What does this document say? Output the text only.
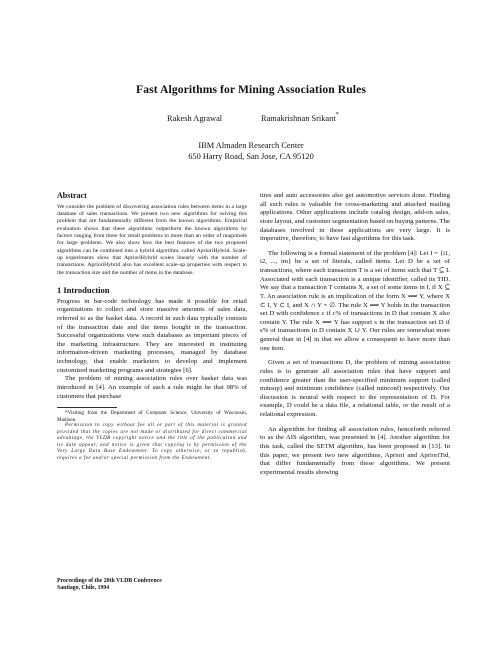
Fast Algorithms for Mining Association Rules
Rakesh Agrawal	Ramakrishnan Srikant*
IBM Almaden Research Center
650 Harry Road, San Jose, CA 95120
Abstract

We consider the problem of discovering association rules between items in a large database of sales transactions. We present two new algorithms for solving this problem that are fundamentally different from the known algorithms. Empirical evaluation shows that these algorithms outperform the known algorithms by factors ranging from three for small problems to more than an order of magnitude for large problems. We also show how the best features of the two proposed algorithms can be combined into a hybrid algorithm, called AprioriHybrid. Scale-up experiments show that AprioriHybrid scales linearly with the number of transactions. AprioriHybrid also has excellent scale-up properties with respect to the transaction size and the number of items in the database.

1 Introduction

Progress in bar-code technology has made it possible for retail organizations to collect and store massive amounts of sales data, referred to as the basket data. A record in such data typically consists of the transaction date and the items bought in the transaction. Successful organizations view such databases as important pieces of the marketing infrastructure. They are interested in instituting information-driven marketing processes, managed by database technology, that enable marketers to develop and implement customized marketing programs and strategies [6].

The problem of mining association rules over basket data was introduced in [4]. An example of such a rule might be that 98% of customers that purchase

*Visiting from the Department of Computer Science, University of Wisconsin, Madison.

Permission to copy without fee all or part of this material is granted provided that the copies are not made or distributed for direct commercial advantage, the VLDB copyright notice and the title of the publication and its date appear, and notice is given that copying is by permission of the Very Large Data Base Endowment. To copy otherwise, or to republish, requires a fee and/or special permission from the Endowment.

Proceedings of the 20th VLDB Conference
Santiago, Chile, 1994

tires and auto accessories also get automotive services done. Finding all such rules is valuable for cross-marketing and attached mailing applications. Other applications include catalog design, add-on sales, store layout, and customer segmentation based on buying patterns. The databases involved in these applications are very large. It is imperative, therefore, to have fast algorithms for this task.

The following is a formal statement of the problem [4]: Let I = {i1, i2, ..., im} be a set of literals, called items. Let D be a set of transactions, where each transaction T is a set of items such that T ⊆ I. Associated with each transaction is a unique identifier, called its TID. We say that a transaction T contains X, a set of some items in I, if X ⊆ T. An association rule is an implication of the form X ⟹ Y, where X ⊂ I, Y ⊂ I, and X ∩ Y = ∅. The rule X ⟹ Y holds in the transaction set D with confidence c if c% of transactions in D that contain X also contain Y. The rule X ⟹ Y has support s in the transaction set D if s% of transactions in D contain X ∪ Y. Our rules are somewhat more general than in [4] in that we allow a consequent to have more than one item.

Given a set of transactions D, the problem of mining association rules is to generate all association rules that have support and confidence greater than the user-specified minimum support (called minsup) and minimum confidence (called minconf) respectively. Our discussion is neutral with respect to the representation of D. For example, D could be a data file, a relational table, or the result of a relational expression.

An algorithm for finding all association rules, henceforth referred to as the AIS algorithm, was presented in [4]. Another algorithm for this task, called the SETM algorithm, has been proposed in [13]. In this paper, we present two new algorithms, Apriori and AprioriTid, that differ fundamentally from these algorithms. We present experimental results showing
